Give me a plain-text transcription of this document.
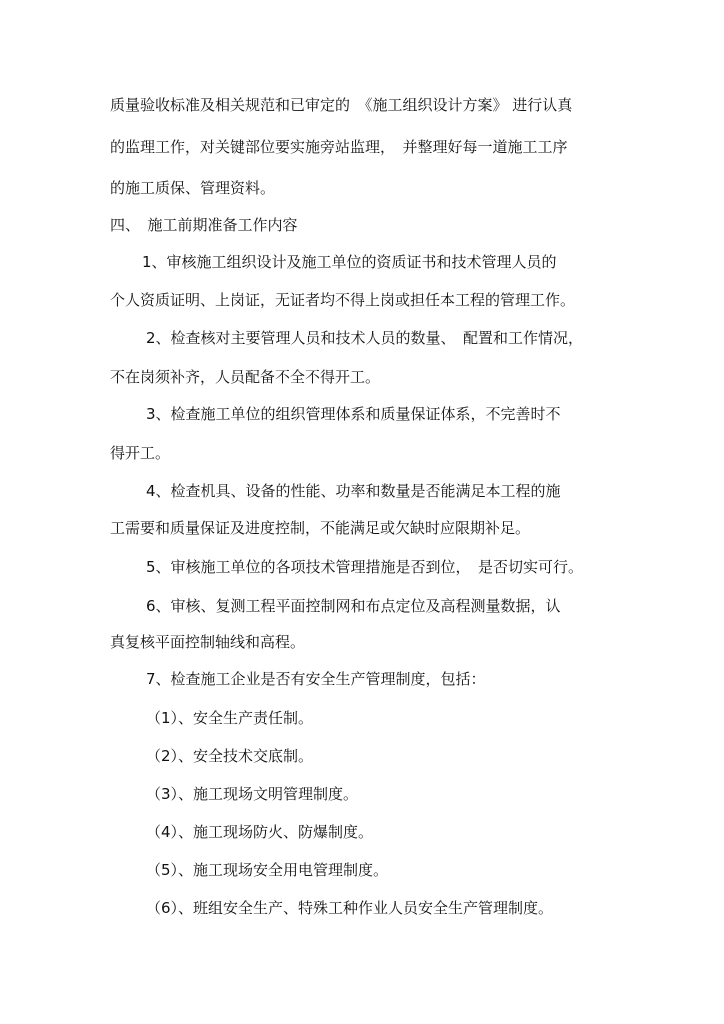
质量验收标准及相关规范和已审定的　《施工组织设计方案》 进行认真

的监理工作，对关键部位要实施旁站监理，　并整理好每一道施工工序

的施工质保、管理资料。

四、　施工前期准备工作内容

1、审核施工组织设计及施工单位的资质证书和技术管理人员的

个人资质证明、上岗证，无证者均不得上岗或担任本工程的管理工作。

2、检查核对主要管理人员和技术人员的数量、　配置和工作情况，

不在岗须补齐，人员配备不全不得开工。

3、检查施工单位的组织管理体系和质量保证体系，不完善时不

得开工。

4、检查机具、设备的性能、功率和数量是否能满足本工程的施

工需要和质量保证及进度控制，不能满足或欠缺时应限期补足。

5、审核施工单位的各项技术管理措施是否到位，　是否切实可行。

6、审核、复测工程平面控制网和布点定位及高程测量数据，认

真复核平面控制轴线和高程。

7、检查施工企业是否有安全生产管理制度，包括：

（1）、安全生产责任制。

（2）、安全技术交底制。

（3）、施工现场文明管理制度。

（4）、施工现场防火、防爆制度。

（5）、施工现场安全用电管理制度。

（6）、班组安全生产、特殊工种作业人员安全生产管理制度。
